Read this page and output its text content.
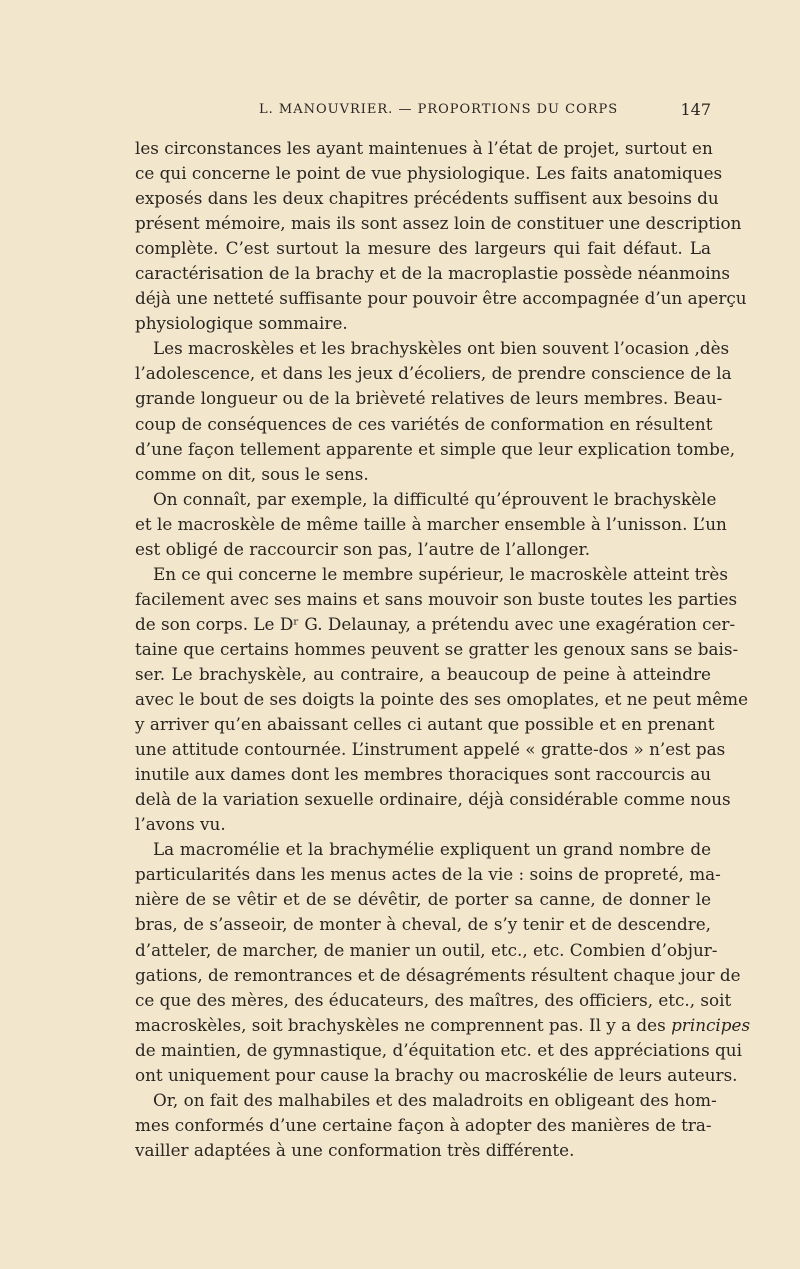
L. MANOUVRIER. — PROPORTIONS DU CORPS	147
les circonstances les ayant maintenues à l’état de projet, surtout en
ce qui concerne le point de vue physiologique. Les faits anatomiques
exposés dans les deux chapitres précédents suffisent aux besoins du
présent mémoire, mais ils sont assez loin de constituer une description
complète. C’est surtout la mesure des largeurs qui fait défaut. La
caractérisation de la brachy et de la macroplastie possède néanmoins
déjà une netteté suffisante pour pouvoir être accompagnée d’un aperçu
physiologique sommaire.
Les macroskèles et les brachyskèles ont bien souvent l’ocasion ,dès
l’adolescence, et dans les jeux d’écoliers, de prendre conscience de la
grande longueur ou de la brièveté relatives de leurs membres. Beau-
coup de conséquences de ces variétés de conformation en résultent
d’une façon tellement apparente et simple que leur explication tombe,
comme on dit, sous le sens.
On connaît, par exemple, la difficulté qu’éprouvent le brachyskèle
et le macroskèle de même taille à marcher ensemble à l’unisson. L’un
est obligé de raccourcir son pas, l’autre de l’allonger.
En ce qui concerne le membre supérieur, le macroskèle atteint très
facilement avec ses mains et sans mouvoir son buste toutes les parties
de son corps. Le Dʳ G. Delaunay, a prétendu avec une exagération cer-
taine que certains hommes peuvent se gratter les genoux sans se bais-
ser. Le brachyskèle, au contraire, a beaucoup de peine à atteindre
avec le bout de ses doigts la pointe des ses omoplates, et ne peut même
y arriver qu’en abaissant celles ci autant que possible et en prenant
une attitude contournée. L’instrument appelé « gratte-dos » n’est pas
inutile aux dames dont les membres thoraciques sont raccourcis au
delà de la variation sexuelle ordinaire, déjà considérable comme nous
l’avons vu.
La macromélie et la brachymélie expliquent un grand nombre de
particularités dans les menus actes de la vie : soins de propreté, ma-
nière de se vêtir et de se dévêtir, de porter sa canne, de donner le
bras, de s’asseoir, de monter à cheval, de s’y tenir et de descendre,
d’atteler, de marcher, de manier un outil, etc., etc. Combien d’objur-
gations, de remontrances et de désagréments résultent chaque jour de
ce que des mères, des éducateurs, des maîtres, des officiers, etc., soit
macroskèles, soit brachyskèles ne comprennent pas. Il y a des principes
de maintien, de gymnastique, d’équitation etc. et des appréciations qui
ont uniquement pour cause la brachy ou macroskélie de leurs auteurs.
Or, on fait des malhabiles et des maladroits en obligeant des hom-
mes conformés d’une certaine façon à adopter des manières de tra-
vailler adaptées à une conformation très différente.
